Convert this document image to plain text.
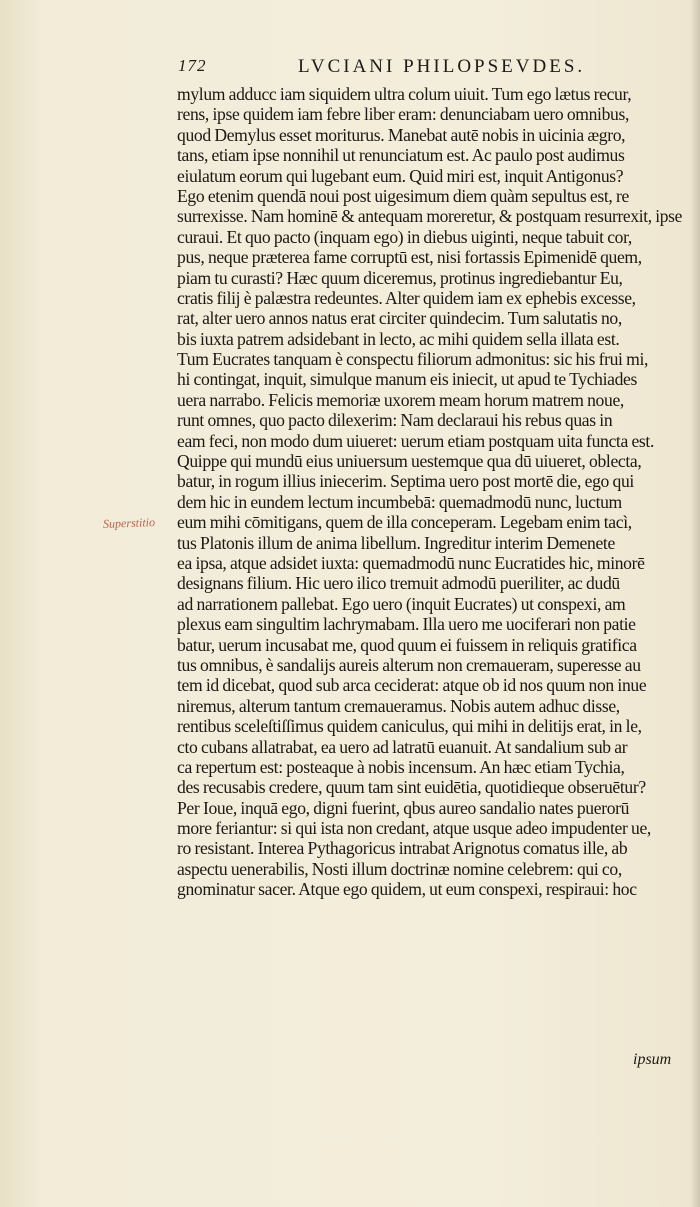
172	LVCIANI PHILOPSEVDES.
Superstitio
mylum adducc iam siquidem ultra colum uiuit. Tum ego lætus recur,
rens, ipse quidem iam febre liber eram: denunciabam uero omnibus,
quod Demylus esset moriturus. Manebat autē nobis in uicinia ægro,
tans, etiam ipse nonnihil ut renunciatum est. Ac paulo post audimus
eiulatum eorum qui lugebant eum. Quid miri est, inquit Antigonus?
Ego etenim quendā noui post uigesimum diem quàm sepultus est, re
surrexisse. Nam hominē & antequam moreretur, & postquam resurrexit, ipse
curaui. Et quo pacto (inquam ego) in diebus uiginti, neque tabuit cor,
pus, neque præterea fame corruptū est, nisi fortassis Epimenidē quem,
piam tu curasti? Hæc quum diceremus, protinus ingrediebantur Eu,
cratis filij è palæstra redeuntes. Alter quidem iam ex ephebis excesse,
rat, alter uero annos natus erat circiter quindecim. Tum salutatis no,
bis iuxta patrem adsidebant in lecto, ac mihi quidem sella illata est.
Tum Eucrates tanquam è conspectu filiorum admonitus: sic his frui mi,
hi contingat, inquit, simulque manum eis iniecit, ut apud te Tychiades
uera narrabo. Felicis memoriæ uxorem meam horum matrem noue,
runt omnes, quo pacto dilexerim: Nam declaraui his rebus quas in
eam feci, non modo dum uiueret: uerum etiam postquam uita functa est.
Quippe qui mundū eius uniuersum uestemque qua dū uiueret, oblecta,
batur, in rogum illius iniecerim. Septima uero post mortē die, ego qui
dem hic in eundem lectum incumbebā: quemadmodū nunc, luctum
eum mihi cōmitigans, quem de illa conceperam. Legebam enim tacì,
tus Platonis illum de anima libellum. Ingreditur interim Demenete
ea ipsa, atque adsidet iuxta: quemadmodū nunc Eucratides hic, minorē
designans filium. Hic uero ilico tremuit admodū pueriliter, ac dudū
ad narrationem pallebat. Ego uero (inquit Eucrates) ut conspexi, am
plexus eam singultim lachrymabam. Illa uero me uociferari non patie
batur, uerum incusabat me, quod quum ei fuissem in reliquis gratifica
tus omnibus, è sandalijs aureis alterum non cremaueram, superesse au
tem id dicebat, quod sub arca ceciderat: atque ob id nos quum non inue
niremus, alterum tantum cremaueramus. Nobis autem adhuc disse,
rentibus sceleſtiſſimus quidem caniculus, qui mihi in delitijs erat, in le,
cto cubans allatrabat, ea uero ad latratū euanuit. At sandalium sub ar
ca repertum est: posteaque à nobis incensum. An hæc etiam Tychia,
des recusabis credere, quum tam sint euidētia, quotidieque obseruētur?
Per Ioue, inquā ego, digni fuerint, qbus aureo sandalio nates puerorū
more feriantur: si qui ista non credant, atque usque adeo impudenter ue,
ro resistant. Interea Pythagoricus intrabat Arignotus comatus ille, ab
aspectu uenerabilis, Nosti illum doctrinæ nomine celebrem: qui co,
gnominatur sacer. Atque ego quidem, ut eum conspexi, respiraui: hoc
ipsum
